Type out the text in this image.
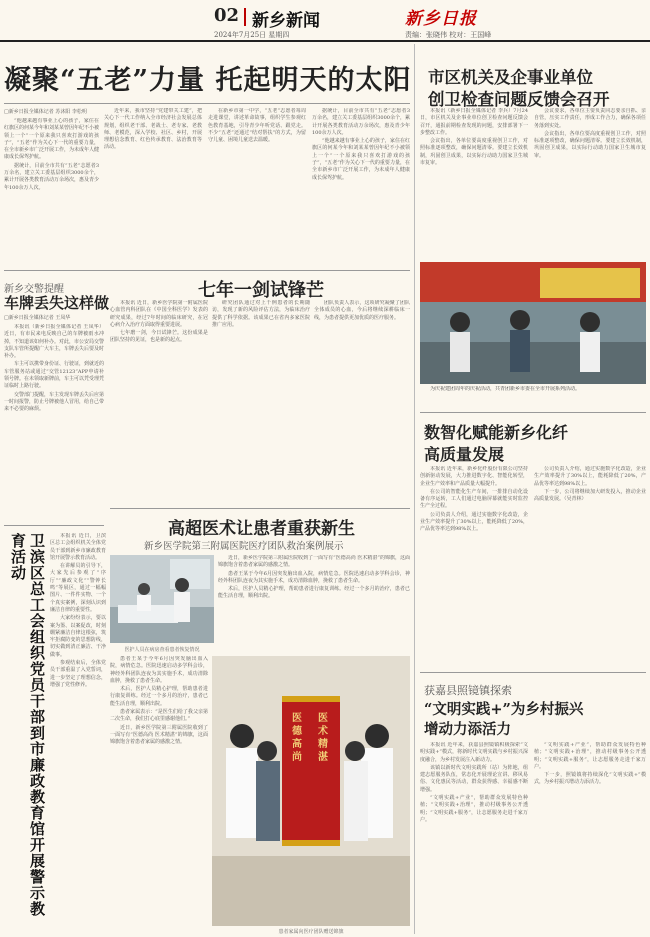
02 新乡新闻	新乡日报
2024年7月25日 星期四	责编：张晓伟 校对：王国峰
凝聚“五老”力量 托起明天的太阳
□新乡日报全媒体记者 苏沐阳 李松明

“他越来越有事业上心的孩子，家住在红旗区的何某今年和刘某某曾因年纪不小被领上一个“一个原来我只喜欢打游戏的孩子”，“五老”作为关心下一代的重要力量，在全市新乡市广泛开展工作，为未成年人健康成长保驾护航。

据统计，目前全市共有“五老”志愿者3万余名，建立关工委基层组织3000余个，累计开展各类教育活动万余场次，惠及青少年100余万人次。

近年来，我市坚持“党建带关工建”，把关心下一代工作纳入全市经济社会发展总体规划，组织老干部、老战士、老专家、老教师、老模范，深入学校、社区、乡村，开展理想信念教育、红色传承教育、法治教育等活动。

在新乡市第一中学，“五老”志愿者每周走进课堂，讲述革命故事，组织学生参观红色教育基地，引导青少年听党话、跟党走。不少“五老”还通过“结对帮扶”的方式，为留守儿童、困境儿童送去温暖。

据统计，目前全市共有“五老”志愿者3万余名，建立关工委基层组织3000余个，累计开展各类教育活动万余场次，惠及青少年100余万人次。

“他越来越有事业上心的孩子，家住在红旗区的何某今年和刘某某曾因年纪不小被领上一个“一个原来我只喜欢打游戏的孩子”，“五老”作为关心下一代的重要力量，在全市新乡市广泛开展工作，为未成年人健康成长保驾护航。

新乡交警提醒
车牌丢失这样做
□新乡日报全媒体记者 王凤华

本报讯（新乡日报全媒体记者 王凤华）近日，有市民来电反映自己的车牌被雨水冲掉，不知道该如何补办。对此，市公安局交警支队车管所提醒广大车主，车牌丢失后要及时补办。

车主可以携带身份证、行驶证，到就近的车管服务站或通过“交管12123”APP申请补领号牌。在未领取新牌前，车主可以凭受理凭证临时上路行驶。

交警部门提醒，车主发现车牌丢失后应第一时间报警，防止号牌被他人冒用，给自己带来不必要的麻烦。

卫滨区总工会组织党员干部到市廉政教育馆开展警示教育活动	本报讯 近日，卫滨区总工会组织机关全体党员干部到新乡市廉政教育馆开展警示教育活动。

在讲解员的引导下，大家先后参观了“序厅”“廉政文化”“警钟长鸣”等展区，通过一幅幅图片、一件件实物、一个个真实案例，深刻认识到廉洁自律的重要性。

大家纷纷表示，要以案为鉴、以案促改，时刻绷紧廉洁自律这根弦，筑牢拒腐防变的思想防线，切实做到清正廉洁、干净做事。

参观结束后，全体党员干部重温了入党誓词，进一步坚定了理想信念，增强了党性修养。

七年一剑试锋芒

本报讯 近日，新乡医学院第一附属医院心血管内科团队在《中国全科医学》发表的研究成果，经过7年时间的临床研究，在冠心病介入治疗方面取得重要进展。

七年磨一剑，今日试锋芒。这份成果是团队坚持的见证，也是新的起点。

研究团队通过对上千例患者的长期随访，发现了新的风险评估方法，为临床治疗提供了科学依据。该成果已在省内多家医院推广应用。

团队负责人表示，这项研究凝聚了团队全体成员的心血，今后将继续深耕临床一线，为患者提供更加优质的医疗服务。

高超医术让患者重获新生
新乡医学院第三附属医院医疗团队救治案例展示
医护人员在病房查看患者恢复情况

近日，新乡医学院第三附属医院收到了一面写有“医德高尚 医术精湛”的锦旗，这面锦旗饱含着患者家属的感激之情。

患者王某于今年6月因突发脑出血入院，病情危急。医院迅速启动多学科会诊，神经外科团队连夜为其实施手术，成功清除血肿，挽救了患者生命。

术后，医护人员精心护理，帮助患者进行康复训练。经过一个多月的治疗，患者已能生活自理，顺利出院。

患者王某于今年6月因突发脑出血入院，病情危急。医院迅速启动多学科会诊，神经外科团队连夜为其实施手术，成功清除血肿，挽救了患者生命。

术后，医护人员精心护理，帮助患者进行康复训练。经过一个多月的治疗，患者已能生活自理，顺利出院。

患者家属表示：“是医生们给了我父亲第二次生命，我们打心底里感谢他们。”

近日，新乡医学院第三附属医院收到了一面写有“医德高尚 医术精湛”的锦旗，这面锦旗饱含着患者家属的感激之情。

医
德
高
尚
医
术
精
湛
患者家属向医疗团队赠送锦旗
市区机关及企事业单位
创卫检查问题反馈会召开

本报讯（新乡日报全媒体记者 李兵）7月24日，市区机关及企事业单位创卫检查问题反馈会召开，通报前期检查发现的问题，安排部署下一步整改工作。

会议指出，各单位要高度重视创卫工作，对照标准逐项整改，确保问题清零。要建立长效机制，巩固创卫成果，以实际行动助力国家卫生城市复审。

会议要求，各单位主要负责同志要亲自抓、亲自管，压实工作责任，形成工作合力，确保各项任务落到实处。

会议指出，各单位要高度重视创卫工作，对照标准逐项整改，确保问题清零。要建立长效机制，巩固创卫成果，以实际行动助力国家卫生城市复审。

为庆祝建团周年的庆祝活动，共青团新乡市委在全市开展系列活动。

数智化赋能新乡化纤
高质量发展

本报讯 近年来，新乡化纤股份有限公司坚持创新驱动发展，大力推进数字化、智能化转型，企业生产效率和产品质量大幅提升。

在公司的智能化生产车间，一排排自动化设备有序运转，工人们通过电脑屏幕就能实时监控生产全过程。

公司负责人介绍，通过实施数字化改造，企业生产效率提升了30%以上，能耗降低了20%，产品优等率达到98%以上。

公司负责人介绍，通过实施数字化改造，企业生产效率提升了30%以上，能耗降低了20%，产品优等率达到98%以上。

下一步，公司将继续加大研发投入，推动企业高质量发展。（吴青林）

获嘉县照镜镇探索
“文明实践+”为乡村振兴
增动力添活力

本报讯 近年来，获嘉县照镜镇积极探索“文明实践+”模式，将新时代文明实践与乡村振兴深度融合，为乡村发展注入新动力。

该镇以新时代文明实践所（站）为阵地，组建志愿服务队伍，常态化开展理论宣讲、移风易俗、文化惠民等活动，群众获得感、幸福感不断增强。

“文明实践+产业”，帮助群众发展特色种植；“文明实践+治理”，推动村级事务公开透明；“文明实践+服务”，让志愿服务走进千家万户。

“文明实践+产业”，帮助群众发展特色种植；“文明实践+治理”，推动村级事务公开透明；“文明实践+服务”，让志愿服务走进千家万户。

下一步，照镜镇将持续深化“文明实践+”模式，为乡村振兴增动力添活力。
